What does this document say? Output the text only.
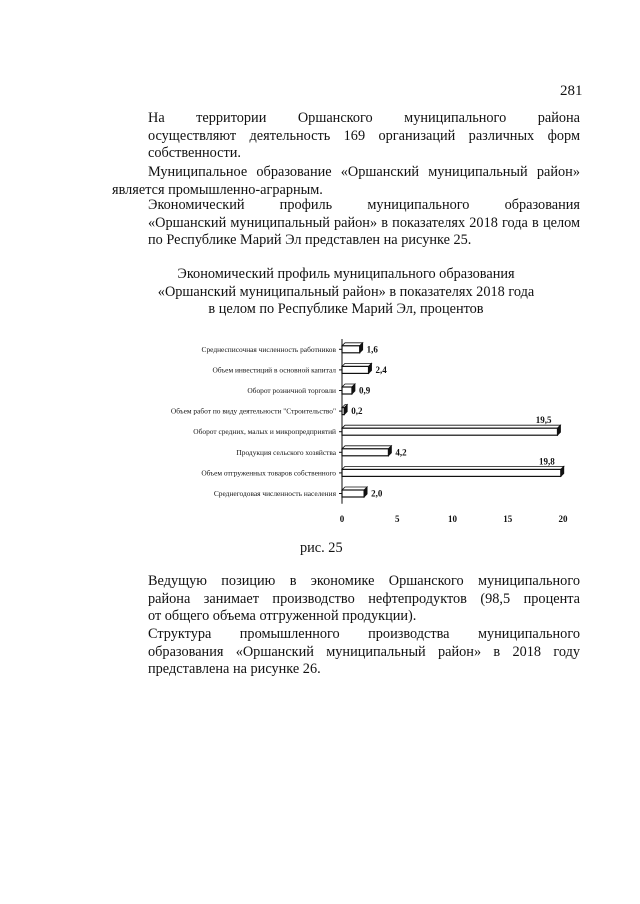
281
На территории Оршанского муниципального района
осуществляют деятельность 169 организаций различных форм
собственности.
Муниципальное образование «Оршанский муниципальный район»
является промышленно-аграрным.
Экономический профиль муниципального образования
«Оршанский муниципальный район» в показателях 2018 года в целом
по Республике Марий Эл представлен на рисунке 25.
Экономический профиль муниципального образования
«Оршанский муниципальный район» в показателях 2018 года
в целом по Республике Марий Эл, процентов
Среднесписочная численность работников	1,6
Объем инвестиций в основной капитал	2,4
Оборот розничной торговли	0,9
Объем работ по виду деятельности "Строительство" 0,2
Оборот средних, малых и микропредприятий
19,5
Продукция сельского хозяйства	4,2
Объем отгруженных товаров собственного
19,8
Среднегодовая численность населения	2,0
0	5	10	15	20
рис. 25
Ведущую позицию в экономике Оршанского муниципального
района занимает производство нефтепродуктов (98,5 процента
от общего объема отгруженной продукции).
Структура промышленного производства муниципального
образования «Оршанский муниципальный район» в 2018 году
представлена на рисунке 26.
